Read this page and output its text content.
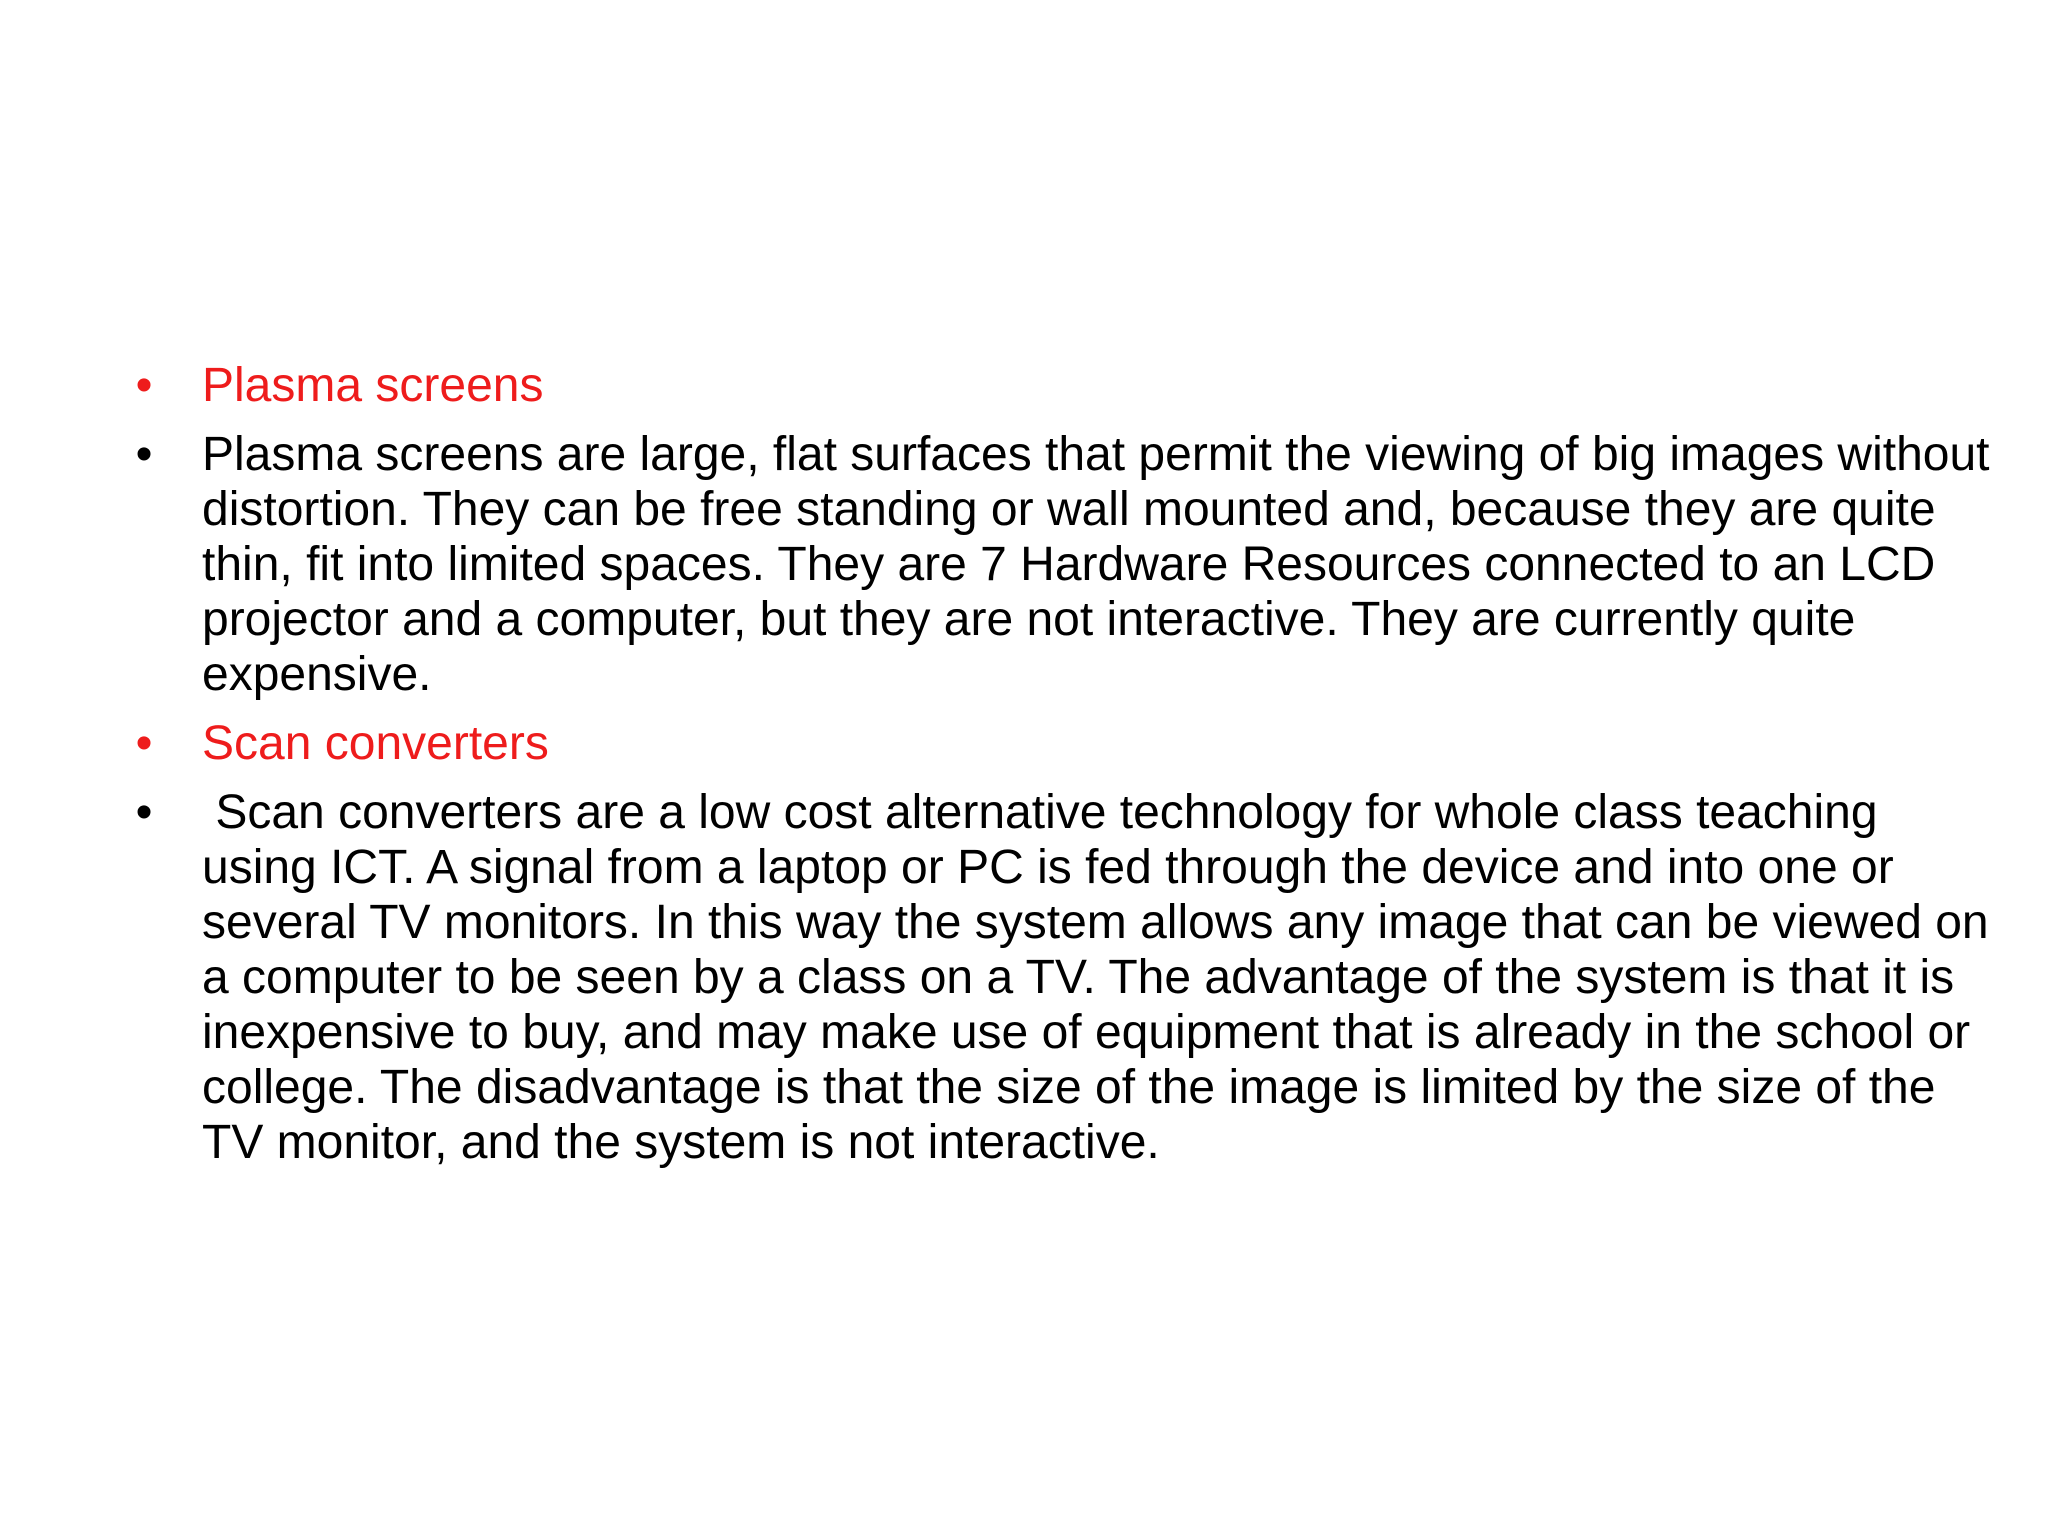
• Plasma screens
• Plasma screens are large, flat surfaces that permit the viewing of big images without distortion. They can be free standing or wall mounted and, because they are quite thin, fit into limited spaces. They are 7 Hardware Resources connected to an LCD projector and a computer, but they are not interactive. They are currently quite expensive.
• Scan converters
• Scan converters are a low cost alternative technology for whole class teaching using ICT. A signal from a laptop or PC is fed through the device and into one or several TV monitors. In this way the system allows any image that can be viewed on a computer to be seen by a class on a TV. The advantage of the system is that it is inexpensive to buy, and may make use of equipment that is already in the school or college. The disadvantage is that the size of the image is limited by the size of the TV monitor, and the system is not interactive.
